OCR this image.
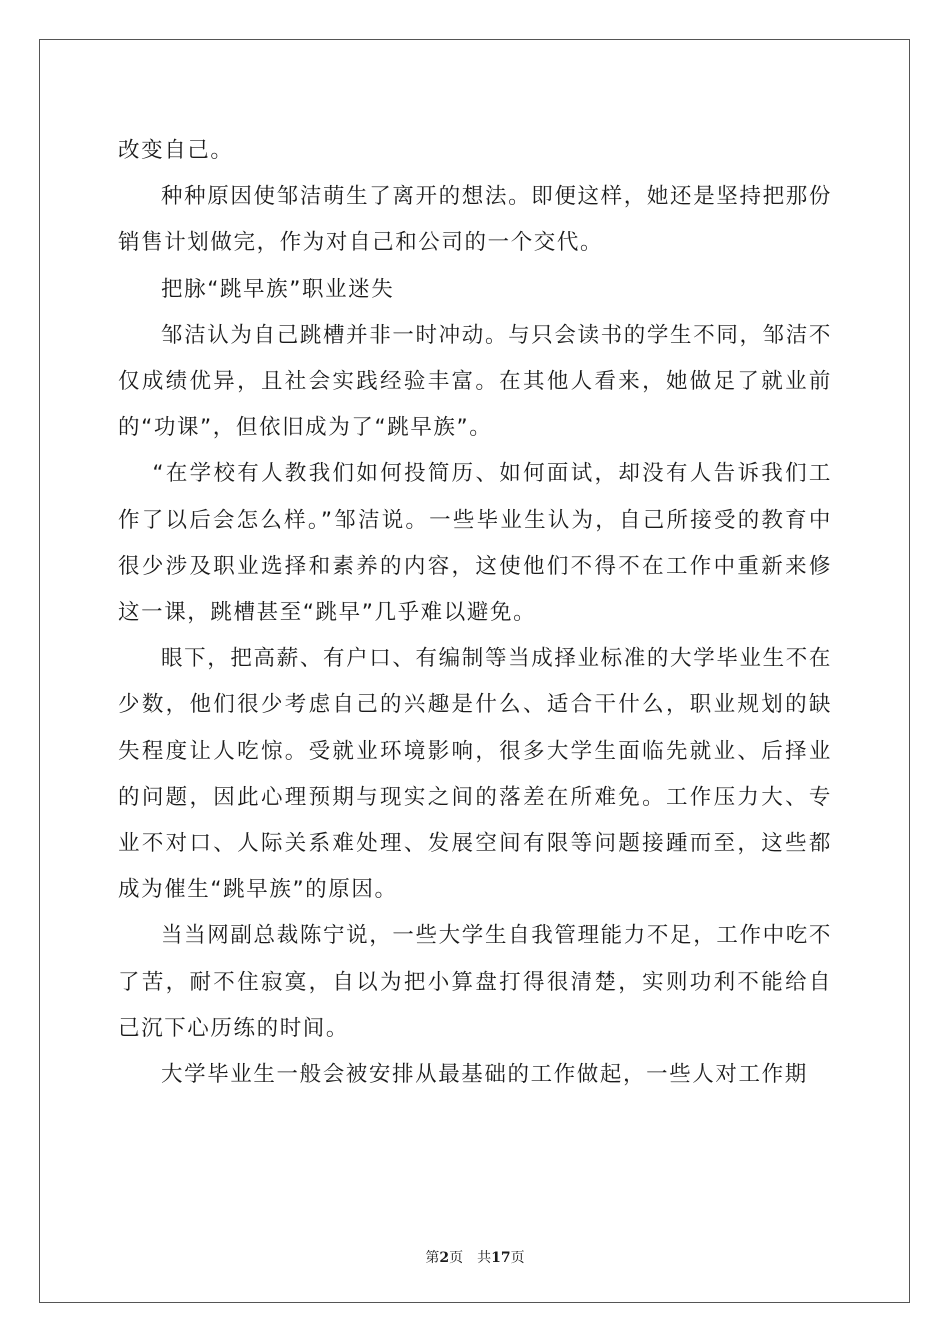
改变自己。

种种原因使邹洁萌生了离开的想法。即便这样，她还是坚持把那份销售计划做完，作为对自己和公司的一个交代。

把脉“跳早族”职业迷失

邹洁认为自己跳槽并非一时冲动。与只会读书的学生不同，邹洁不仅成绩优异，且社会实践经验丰富。在其他人看来，她做足了就业前的“功课”，但依旧成为了“跳早族”。

“在学校有人教我们如何投简历、如何面试，却没有人告诉我们工作了以后会怎么样。”邹洁说。一些毕业生认为，自己所接受的教育中很少涉及职业选择和素养的内容，这使他们不得不在工作中重新来修这一课，跳槽甚至“跳早”几乎难以避免。

眼下，把高薪、有户口、有编制等当成择业标准的大学毕业生不在少数，他们很少考虑自己的兴趣是什么、适合干什么，职业规划的缺失程度让人吃惊。受就业环境影响，很多大学生面临先就业、后择业的问题，因此心理预期与现实之间的落差在所难免。工作压力大、专业不对口、人际关系难处理、发展空间有限等问题接踵而至，这些都成为催生“跳早族”的原因。

当当网副总裁陈宁说，一些大学生自我管理能力不足，工作中吃不了苦，耐不住寂寞，自以为把小算盘打得很清楚，实则功利不能给自己沉下心历练的时间。

大学毕业生一般会被安排从最基础的工作做起，一些人对工作期

第2页 共17页
